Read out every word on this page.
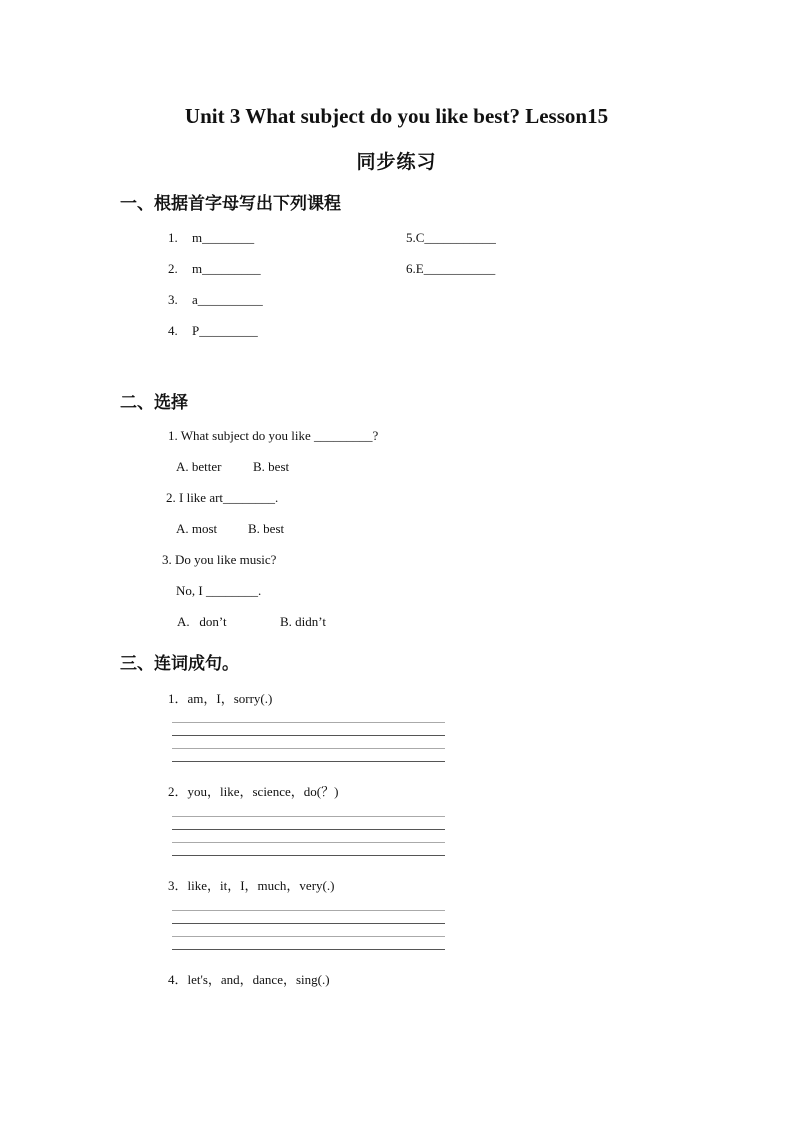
Unit 3 What subject do you like best? Lesson15
同步练习
一、根据首字母写出下列课程
1. m________
2. m_________
3. a__________
4. P_________
5.C___________
6.E___________
二、选择
1. What subject do you like _________?
A. better B. best
2. I like art________.
A. most B. best
3. Do you like music?
No, I ________.
A.   don’t	B. didn’t
三、连词成句。
1．am，I，sorry(.)
2．you，like，science，do(？)
3．like，it，I，much，very(.)
4．let's，and，dance，sing(.)
